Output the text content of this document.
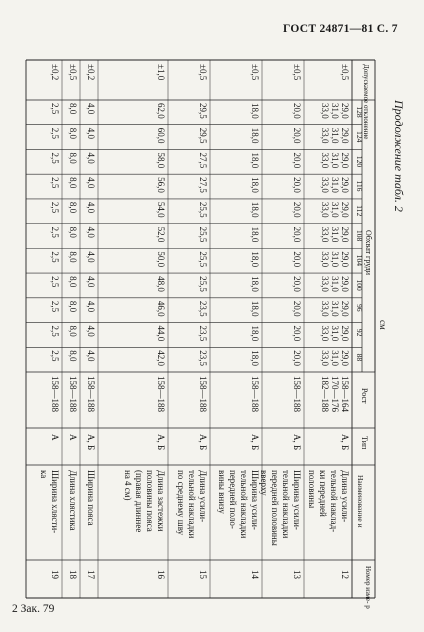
ГОСТ 24871—81 С. 7
Продолжение табл. 2
2 Зак. 79
Номер изме- р
Наименование и
Тип
Рост
Обхват груди
Допускаемое отклонение
см
88
92
96
100
104
108
112
116
120
124
128
12
Длина усили-
тельной наклад-
ки передней
половины
А, Б
158—164
170—176
182—188
29,0
31,0
33,0
29,0
31,0
33,0
29,0
31,0
33,0
29,0
31,0
33,0
29,0
31,0
33,0
29,0
31,0
33,0
29,0
31,0
33,0
29,0
31,0
33,0
29,0
31,0
33,0
29,0
31,0
33,0
29,0
31,0
33,0
±0,5
13
Ширина усили-
тельной накладки
передней половины
вверху
А, Б
158—188
20,0
20,0
20,0
20,0
20,0
20,0
20,0
20,0
20,0
20,0
20,0
±0,5
14
Ширина усили-
тельной накладки
передней поло-
вины внизу
А, Б
158—188
18,0
18,0
18,0
18,0
18,0
18,0
18,0
18,0
18,0
18,0
18,0
±0,5
15
Длина усили-
тельной накладки
по среднему шву
А, Б
158—188
23,5
23,5
23,5
25,5
25,5
25,5
25,5
27,5
27,5
29,5
29,5
±0,5
16
Длина застежки
половины пояса
(правая длиннее
на 4 см)
А, Б
158—188
42,0
44,0
46,0
48,0
50,0
52,0
54,0
56,0
58,0
60,0
62,0
±1,0
17
Ширина пояса
А, Б
158—188
4,0
4,0
4,0
4,0
4,0
4,0
4,0
4,0
4,0
4,0
4,0
±0,2
18
Длина хлястика
А
158—188
8,0
8,0
8,0
8,0
8,0
8,0
8,0
8,0
8,0
8,0
8,0
±0,5
19
Ширина хлясти-
ка
А
158—188
2,5
2,5
2,5
2,5
2,5
2,5
2,5
2,5
2,5
2,5
2,5
±0,2
